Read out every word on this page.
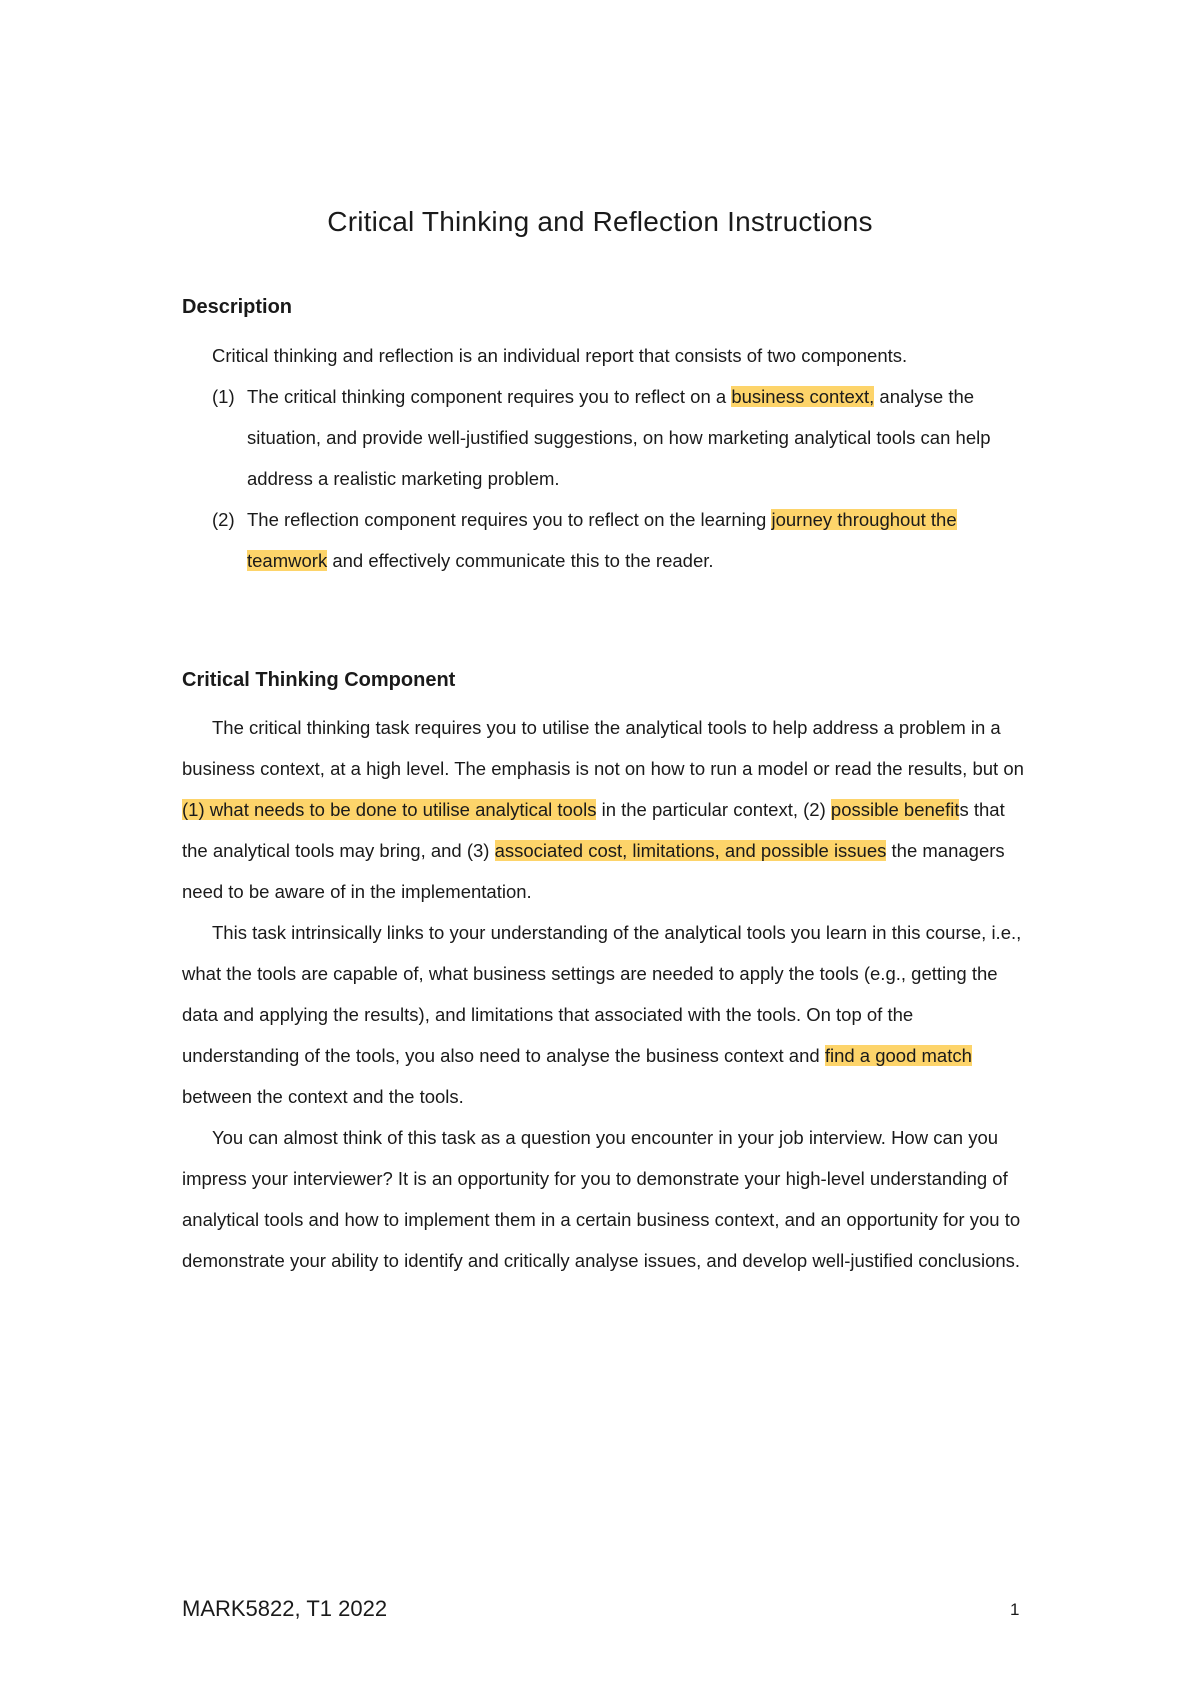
Critical Thinking and Reflection Instructions
Description

Critical thinking and reflection is an individual report that consists of two components.

(1) The critical thinking component requires you to reflect on a business context, analyse the situation, and provide well-justified suggestions, on how marketing analytical tools can help address a realistic marketing problem.
(2) The reflection component requires you to reflect on the learning journey throughout the teamwork and effectively communicate this to the reader.
Critical Thinking Component

The critical thinking task requires you to utilise the analytical tools to help address a problem in a business context, at a high level. The emphasis is not on how to run a model or read the results, but on (1) what needs to be done to utilise analytical tools in the particular context, (2) possible benefits that the analytical tools may bring, and (3) associated cost, limitations, and possible issues the managers need to be aware of in the implementation.

This task intrinsically links to your understanding of the analytical tools you learn in this course, i.e., what the tools are capable of, what business settings are needed to apply the tools (e.g., getting the data and applying the results), and limitations that associated with the tools. On top of the understanding of the tools, you also need to analyse the business context and find a good match between the context and the tools.

You can almost think of this task as a question you encounter in your job interview. How can you impress your interviewer? It is an opportunity for you to demonstrate your high-level understanding of analytical tools and how to implement them in a certain business context, and an opportunity for you to demonstrate your ability to identify and critically analyse issues, and develop well-justified conclusions.

MARK5822, T1 2022	1
